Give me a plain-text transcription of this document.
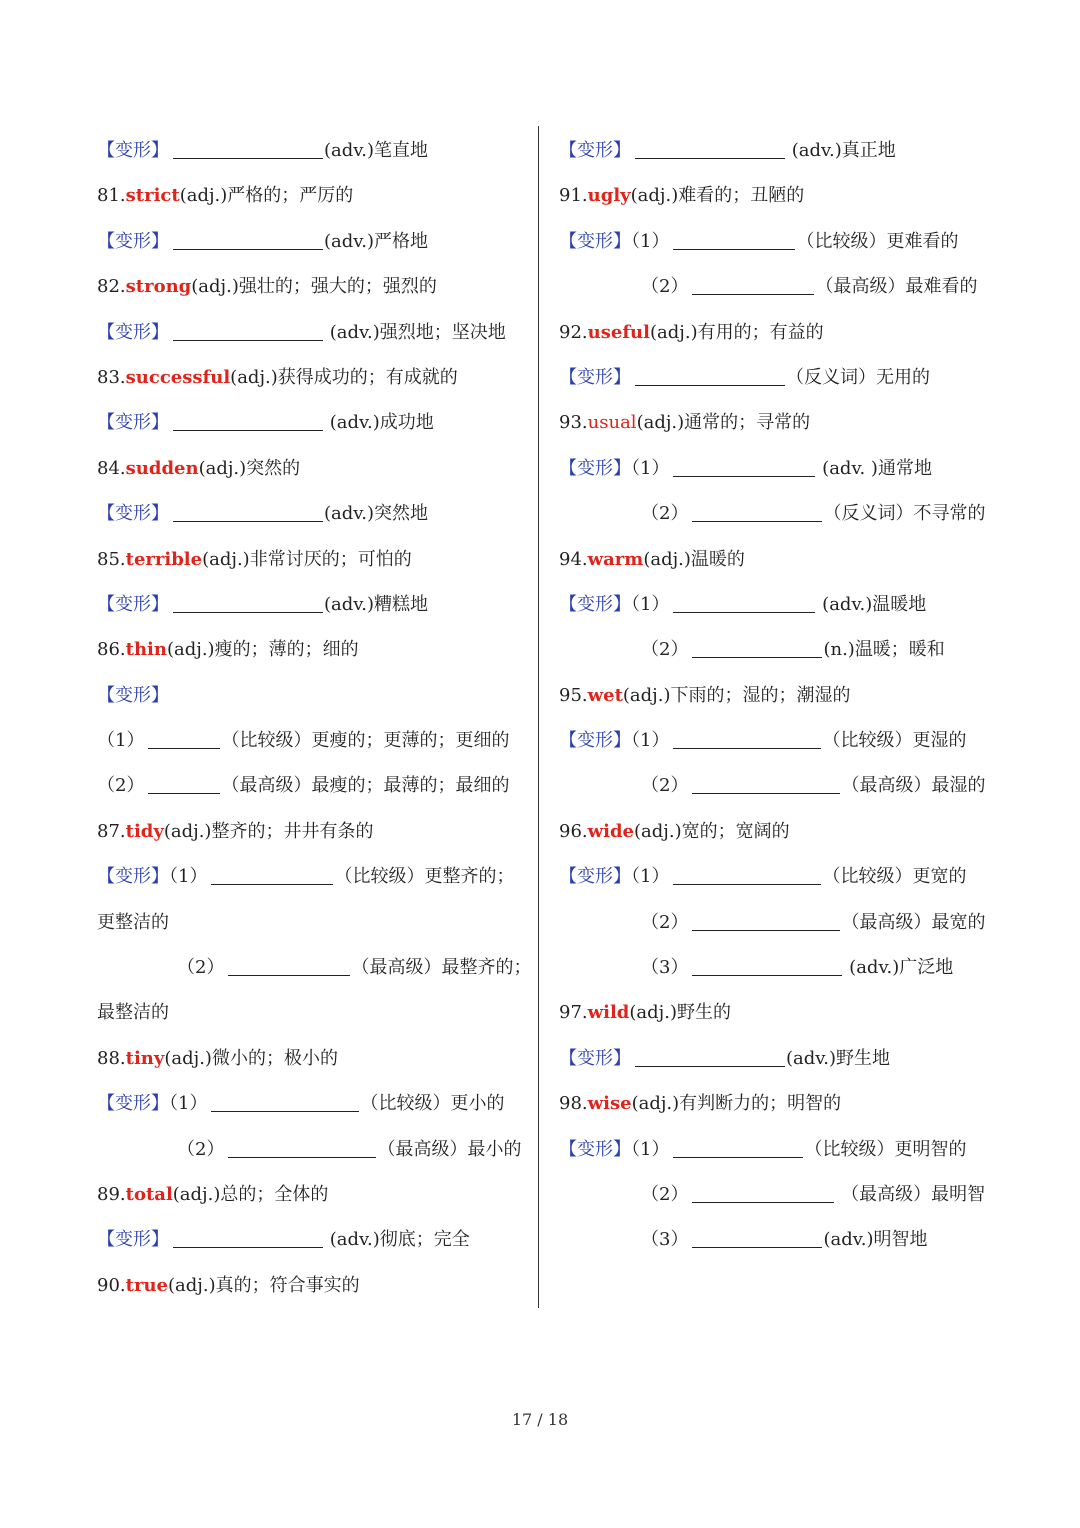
【变形】	(adv.)笔直地
81.strict(adj.)严格的；严厉的
【变形】	(adv.)严格地
82.strong(adj.)强壮的；强大的；强烈的
【变形】	(adv.)强烈地；坚决地
83.successful(adj.)获得成功的；有成就的
【变形】	(adv.)成功地
84.sudden(adj.)突然的
【变形】	(adv.)突然地
85.terrible(adj.)非常讨厌的；可怕的
【变形】	(adv.)糟糕地
86.thin(adj.)瘦的；薄的；细的
【变形】
（1）	（比较级）更瘦的；更薄的；更细的
（2）	（最高级）最瘦的；最薄的；最细的
87.tidy(adj.)整齐的；井井有条的
【变形】（1）	（比较级）更整齐的；
更整洁的
（2）	（最高级）最整齐的；
最整洁的
88.tiny(adj.)微小的；极小的
【变形】（1）	（比较级）更小的
（2）	（最高级）最小的
89.total(adj.)总的；全体的
【变形】	(adv.)彻底；完全
90.true(adj.)真的；符合事实的
【变形】	(adv.)真正地
91.ugly(adj.)难看的；丑陋的
【变形】（1）	（比较级）更难看的
（2）	（最高级）最难看的
92.useful(adj.)有用的；有益的
【变形】	（反义词）无用的
93.usual(adj.)通常的；寻常的
【变形】（1）	(adv. )通常地
（2）	（反义词）不寻常的
94.warm(adj.)温暖的
【变形】（1）	(adv.)温暖地
（2）	(n.)温暖；暖和
95.wet(adj.)下雨的；湿的；潮湿的
【变形】（1）	（比较级）更湿的
（2）	（最高级）最湿的
96.wide(adj.)宽的；宽阔的
【变形】（1）	（比较级）更宽的
（2）	（最高级）最宽的
（3）	(adv.)广泛地
97.wild(adj.)野生的
【变形】	(adv.)野生地
98.wise(adj.)有判断力的；明智的
【变形】（1）	（比较级）更明智的
（2）	（最高级）最明智
（3）	(adv.)明智地
17 / 18
